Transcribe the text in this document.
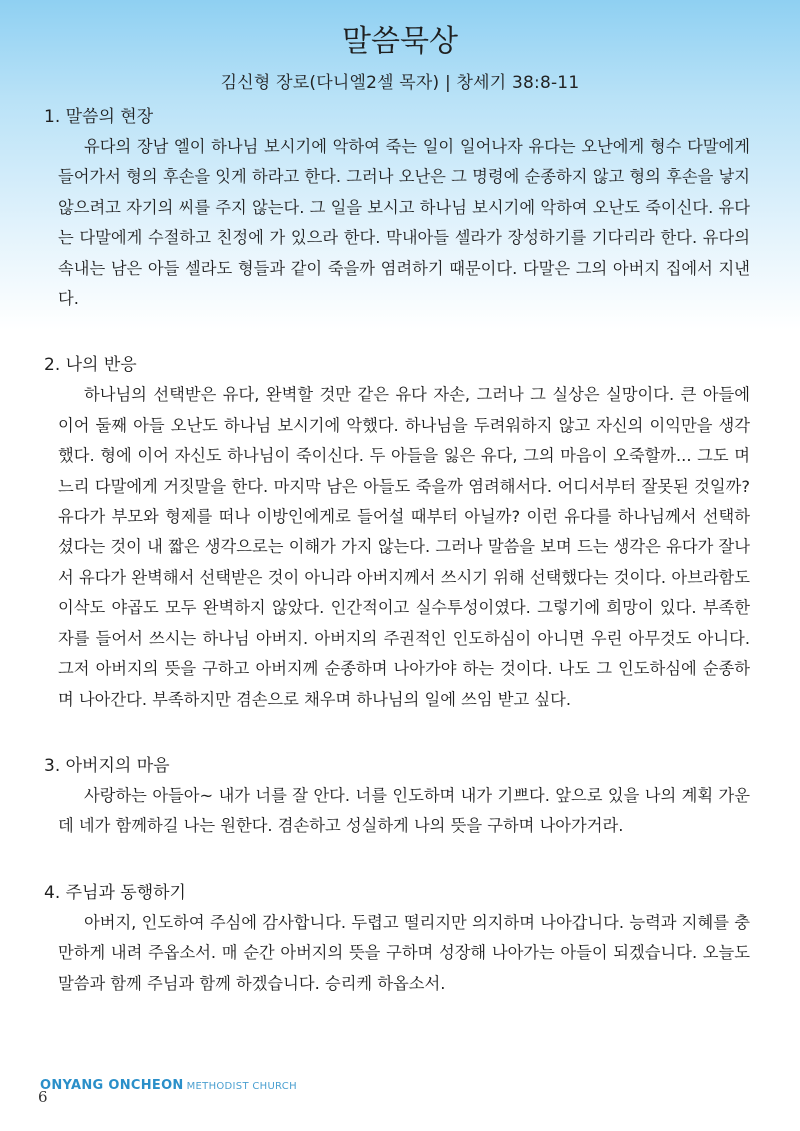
말씀묵상
김신형 장로(다니엘2셀 목자) | 창세기 38:8-11
1. 말씀의 현장

유다의 장남 엘이 하나님 보시기에 악하여 죽는 일이 일어나자 유다는 오난에게 형수 다말에게 들어가서 형의 후손을 잇게 하라고 한다. 그러나 오난은 그 명령에 순종하지 않고 형의 후손을 낳지 않으려고 자기의 씨를 주지 않는다. 그 일을 보시고 하나님 보시기에 악하여 오난도 죽이신다. 유다는 다말에게 수절하고 친정에 가 있으라 한다. 막내아들 셀라가 장성하기를 기다리라 한다. 유다의 속내는 남은 아들 셀라도 형들과 같이 죽을까 염려하기 때문이다. 다말은 그의 아버지 집에서 지낸다.

2. 나의 반응

하나님의 선택받은 유다, 완벽할 것만 같은 유다 자손, 그러나 그 실상은 실망이다. 큰 아들에 이어 둘째 아들 오난도 하나님 보시기에 악했다. 하나님을 두려워하지 않고 자신의 이익만을 생각했다. 형에 이어 자신도 하나님이 죽이신다. 두 아들을 잃은 유다, 그의 마음이 오죽할까... 그도 며느리 다말에게 거짓말을 한다. 마지막 남은 아들도 죽을까 염려해서다. 어디서부터 잘못된 것일까? 유다가 부모와 형제를 떠나 이방인에게로 들어설 때부터 아닐까? 이런 유다를 하나님께서 선택하셨다는 것이 내 짧은 생각으로는 이해가 가지 않는다. 그러나 말씀을 보며 드는 생각은 유다가 잘나서 유다가 완벽해서 선택받은 것이 아니라 아버지께서 쓰시기 위해 선택했다는 것이다. 아브라함도 이삭도 야곱도 모두 완벽하지 않았다. 인간적이고 실수투성이였다. 그렇기에 희망이 있다. 부족한 자를 들어서 쓰시는 하나님 아버지. 아버지의 주권적인 인도하심이 아니면 우린 아무것도 아니다. 그저 아버지의 뜻을 구하고 아버지께 순종하며 나아가야 하는 것이다. 나도 그 인도하심에 순종하며 나아간다. 부족하지만 겸손으로 채우며 하나님의 일에 쓰임 받고 싶다.

3. 아버지의 마음

사랑하는 아들아~ 내가 너를 잘 안다. 너를 인도하며 내가 기쁘다. 앞으로 있을 나의 계획 가운데 네가 함께하길 나는 원한다. 겸손하고 성실하게 나의 뜻을 구하며 나아가거라.

4. 주님과 동행하기

아버지, 인도하여 주심에 감사합니다. 두렵고 떨리지만 의지하며 나아갑니다. 능력과 지혜를 충만하게 내려 주옵소서. 매 순간 아버지의 뜻을 구하며 성장해 나아가는 아들이 되겠습니다. 오늘도 말씀과 함께 주님과 함께 하겠습니다. 승리케 하옵소서.

ONYANG ONCHEON METHODIST CHURCH
6
